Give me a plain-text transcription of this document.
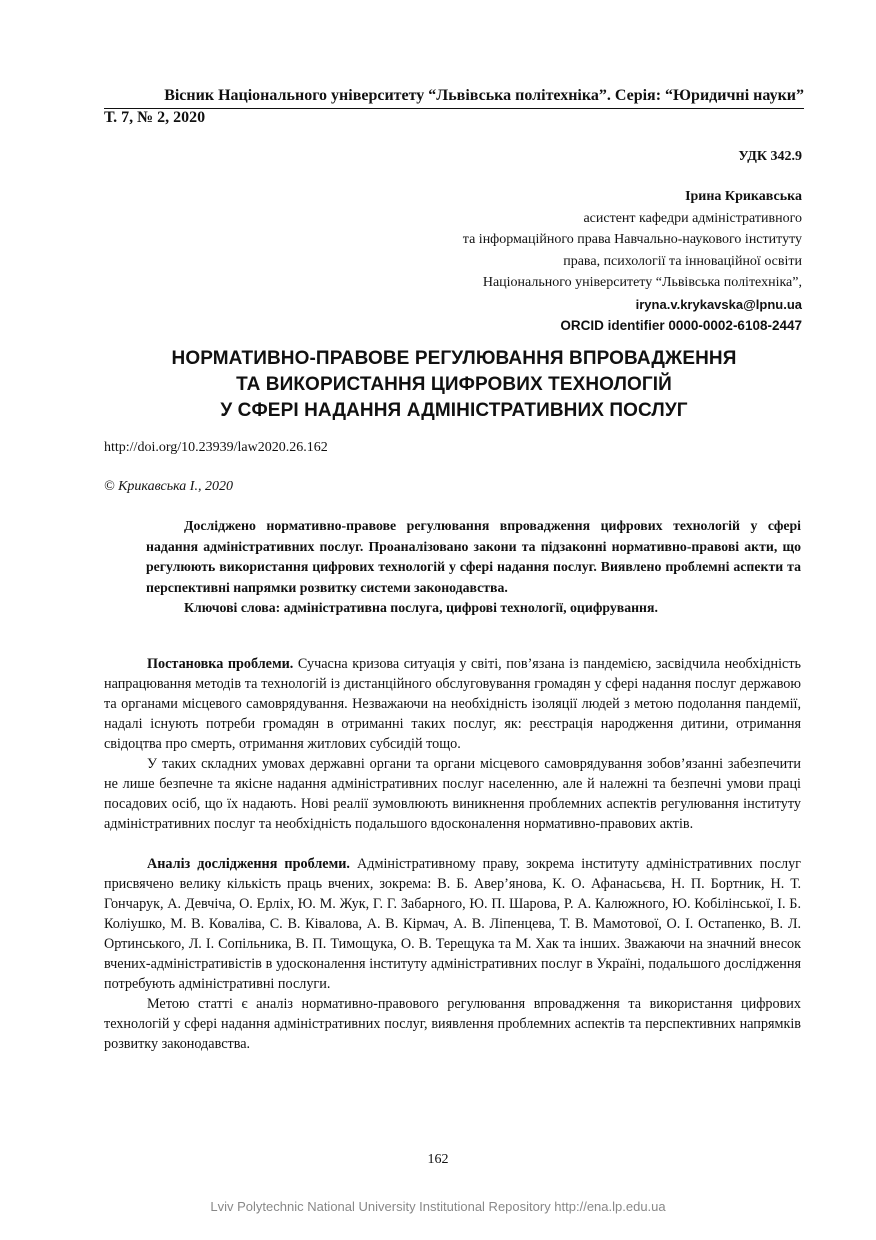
Вісник Національного університету “Львівська політехніка”. Серія: “Юридичні науки”
Т. 7, № 2, 2020
УДК 342.9
Ірина Крикавська
асистент кафедри адміністративного
та інформаційного права Навчально-наукового інституту
права, психології та інноваційної освіти
Національного університету “Львівська політехніка”,
iryna.v.krykavska@lpnu.ua
ORCID identifier 0000-0002-6108-2447
НОРМАТИВНО-ПРАВОВЕ РЕГУЛЮВАННЯ ВПРОВАДЖЕННЯ
ТА ВИКОРИСТАННЯ ЦИФРОВИХ ТЕХНОЛОГІЙ
У СФЕРІ НАДАННЯ АДМІНІСТРАТИВНИХ ПОСЛУГ
http://doi.org/10.23939/law2020.26.162
© Крикавська І., 2020

Досліджено нормативно-правове регулювання впровадження цифрових технологій у сфері надання адміністративних послуг. Проаналізовано закони та підзаконні нормативно-правові акти, що регулюють використання цифрових технологій у сфері надання послуг. Виявлено проблемні аспекти та перспективні напрямки розвитку системи законодавства.

Ключові слова: адміністративна послуга, цифрові технології, оцифрування.

Постановка проблеми. Сучасна кризова ситуація у світі, пов’язана із пандемією, засвідчила необхідність напрацювання методів та технологій із дистанційного обслуговування громадян у сфері надання послуг державою та органами місцевого самоврядування. Незважаючи на необхідність ізоляції людей з метою подолання пандемії, надалі існують потреби громадян в отриманні таких послуг, як: реєстрація народження дитини, отримання свідоцтва про смерть, отримання житлових субсидій тощо.

У таких складних умовах державні органи та органи місцевого самоврядування зобов’язанні забезпечити не лише безпечне та якісне надання адміністративних послуг населенню, але й належні та безпечні умови праці посадових осіб, що їх надають. Нові реалії зумовлюють виникнення проблемних аспектів регулювання інституту адміністративних послуг та необхідність подальшого вдосконалення нормативно-правових актів.

Аналіз дослідження проблеми. Адміністративному праву, зокрема інституту адміністративних послуг присвячено велику кількість праць вчених, зокрема: В. Б. Авер’янова, К. О. Афанасьєва, Н. П. Бортник, Н. Т. Гончарук, А. Девчіча, О. Ерліх, Ю. М. Жук, Г. Г. Забарного, Ю. П. Шарова, Р. А. Калюжного, Ю. Кобілінської, І. Б. Коліушко, М. В. Коваліва, С. В. Ківалова, А. В. Кірмач, А. В. Ліпенцева, Т. В. Мамотової, О. І. Остапенко, В. Л. Ортинського, Л. І. Сопільника, В. П. Тимощука, О. В. Терещука та М. Хак та інших. Зважаючи на значний внесок вчених-адміністративістів в удосконалення інституту адміністративних послуг в Україні, подальшого дослідження потребують адміністративні послуги.

Метою статті є аналіз нормативно-правового регулювання впровадження та використання цифрових технологій у сфері надання адміністративних послуг, виявлення проблемних аспектів та перспективних напрямків розвитку законодавства.

162
Lviv Polytechnic National University Institutional Repository http://ena.lp.edu.ua
